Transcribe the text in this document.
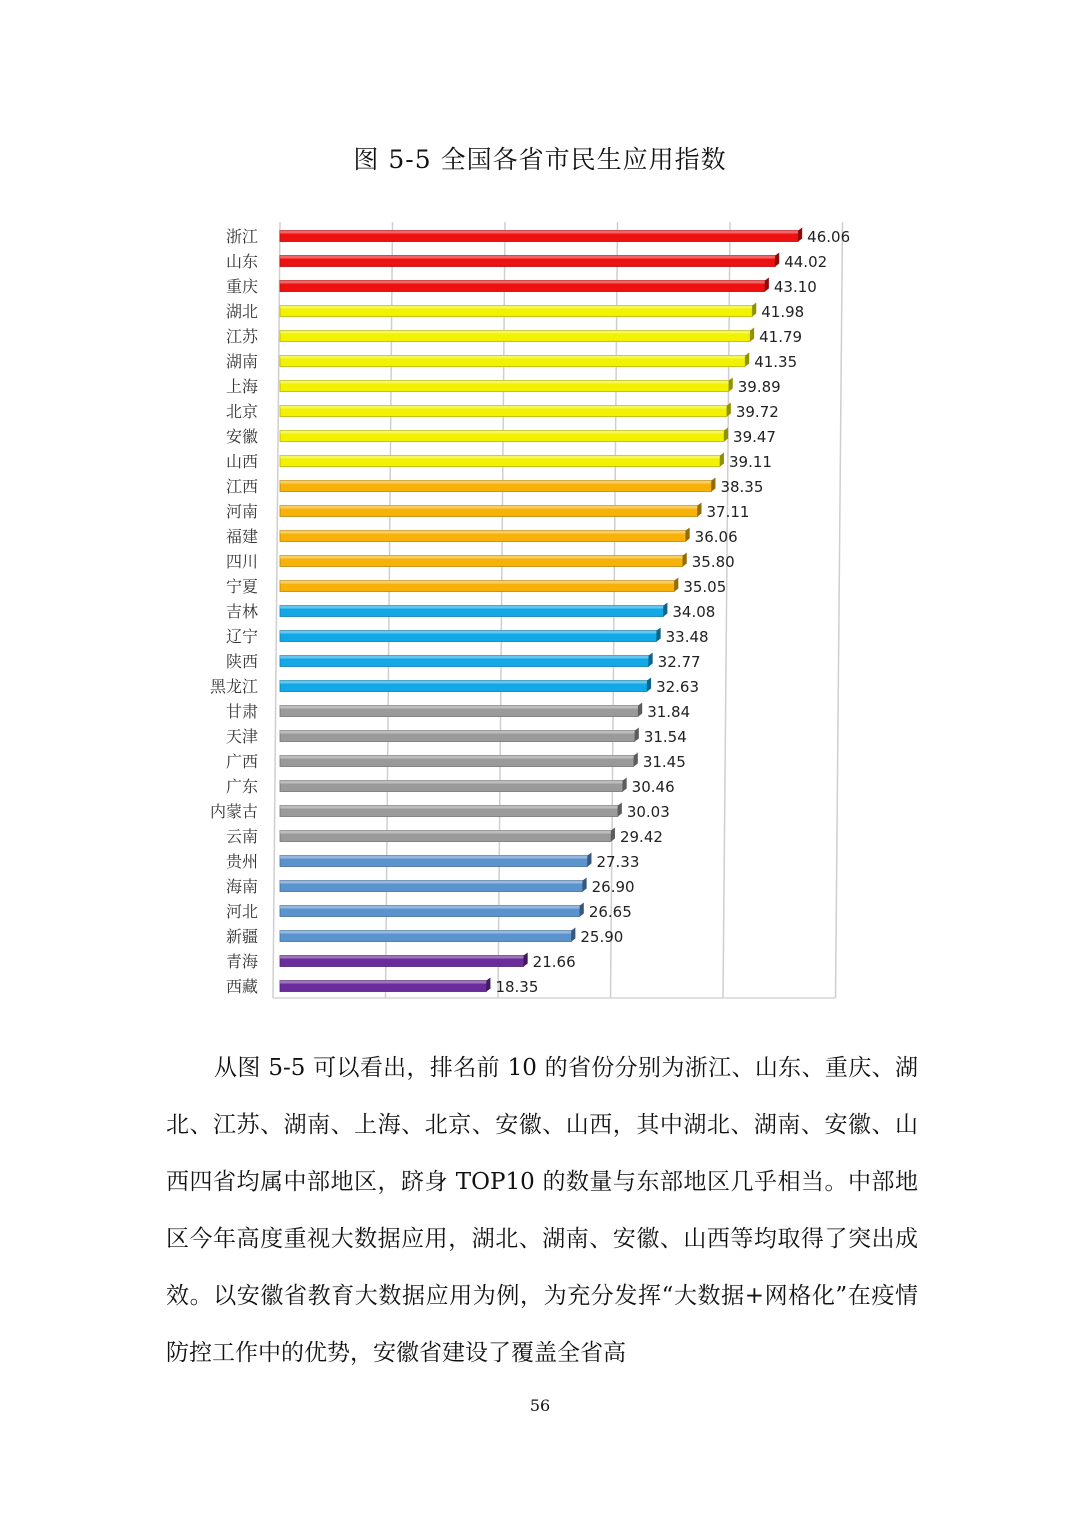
图 5-5 全国各省市民生应用指数
浙江	46.06
山东	44.02
重庆	43.10
湖北	41.98
江苏	41.79
湖南	41.35
上海	39.89
北京	39.72
安徽	39.47
山西	39.11
江西	38.35
河南	37.11
福建	36.06
四川	35.80
宁夏	35.05
吉林	34.08
辽宁	33.48
陕西	32.77
黑龙江	32.63
甘肃	31.84
天津	31.54
广西	31.45
广东	30.46
内蒙古	30.03
云南	29.42
贵州	27.33
海南	26.90
河北	26.65
新疆	25.90
青海	21.66
西藏	18.35
从图 5-5 可以看出，排名前 10 的省份分别为浙江、山东、重庆、湖北、江苏、湖南、上海、北京、安徽、山西，其中湖北、湖南、安徽、山西四省均属中部地区，跻身 TOP10 的数量与东部地区几乎相当。中部地区今年高度重视大数据应用，湖北、湖南、安徽、山西等均取得了突出成效。以安徽省教育大数据应用为例，为充分发挥“大数据+网格化”在疫情防控工作中的优势，安徽省建设了覆盖全省高
56
